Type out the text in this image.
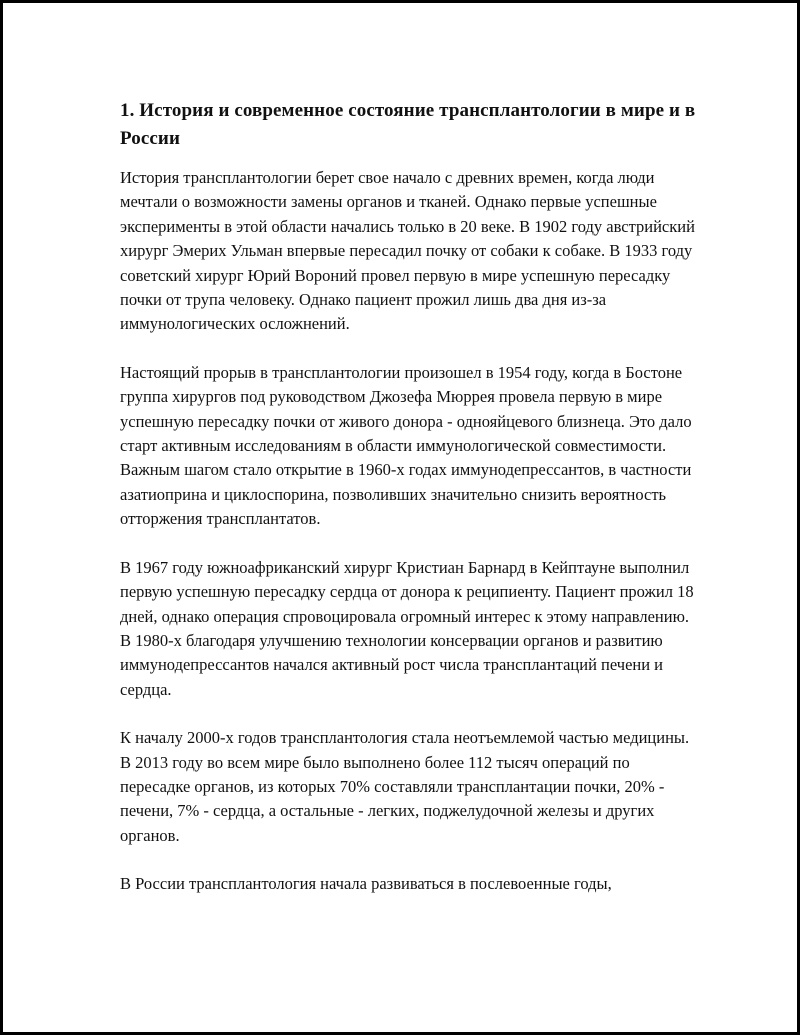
1. История и современное состояние трансплантологии в мире и в России

История трансплантологии берет свое начало с древних времен, когда люди мечтали о возможности замены органов и тканей. Однако первые успешные эксперименты в этой области начались только в 20 веке. В 1902 году австрийский хирург Эмерих Ульман впервые пересадил почку от собаки к собаке. В 1933 году советский хирург Юрий Вороний провел первую в мире успешную пересадку почки от трупа человеку. Однако пациент прожил лишь два дня из-за иммунологических осложнений.

Настоящий прорыв в трансплантологии произошел в 1954 году, когда в Бостоне группа хирургов под руководством Джозефа Мюррея провела первую в мире успешную пересадку почки от живого донора - однояйцевого близнеца. Это дало старт активным исследованиям в области иммунологической совместимости. Важным шагом стало открытие в 1960-х годах иммунодепрессантов, в частности азатиоприна и циклоспорина, позволивших значительно снизить вероятность отторжения трансплантатов.

В 1967 году южноафриканский хирург Кристиан Барнард в Кейптауне выполнил первую успешную пересадку сердца от донора к реципиенту. Пациент прожил 18 дней, однако операция спровоцировала огромный интерес к этому направлению. В 1980-х благодаря улучшению технологии консервации органов и развитию иммунодепрессантов начался активный рост числа трансплантаций печени и сердца.

К началу 2000-х годов трансплантология стала неотъемлемой частью медицины. В 2013 году во всем мире было выполнено более 112 тысяч операций по пересадке органов, из которых 70% составляли трансплантации почки, 20% - печени, 7% - сердца, а остальные - легких, поджелудочной железы и других органов.

В России трансплантология начала развиваться в послевоенные годы,
